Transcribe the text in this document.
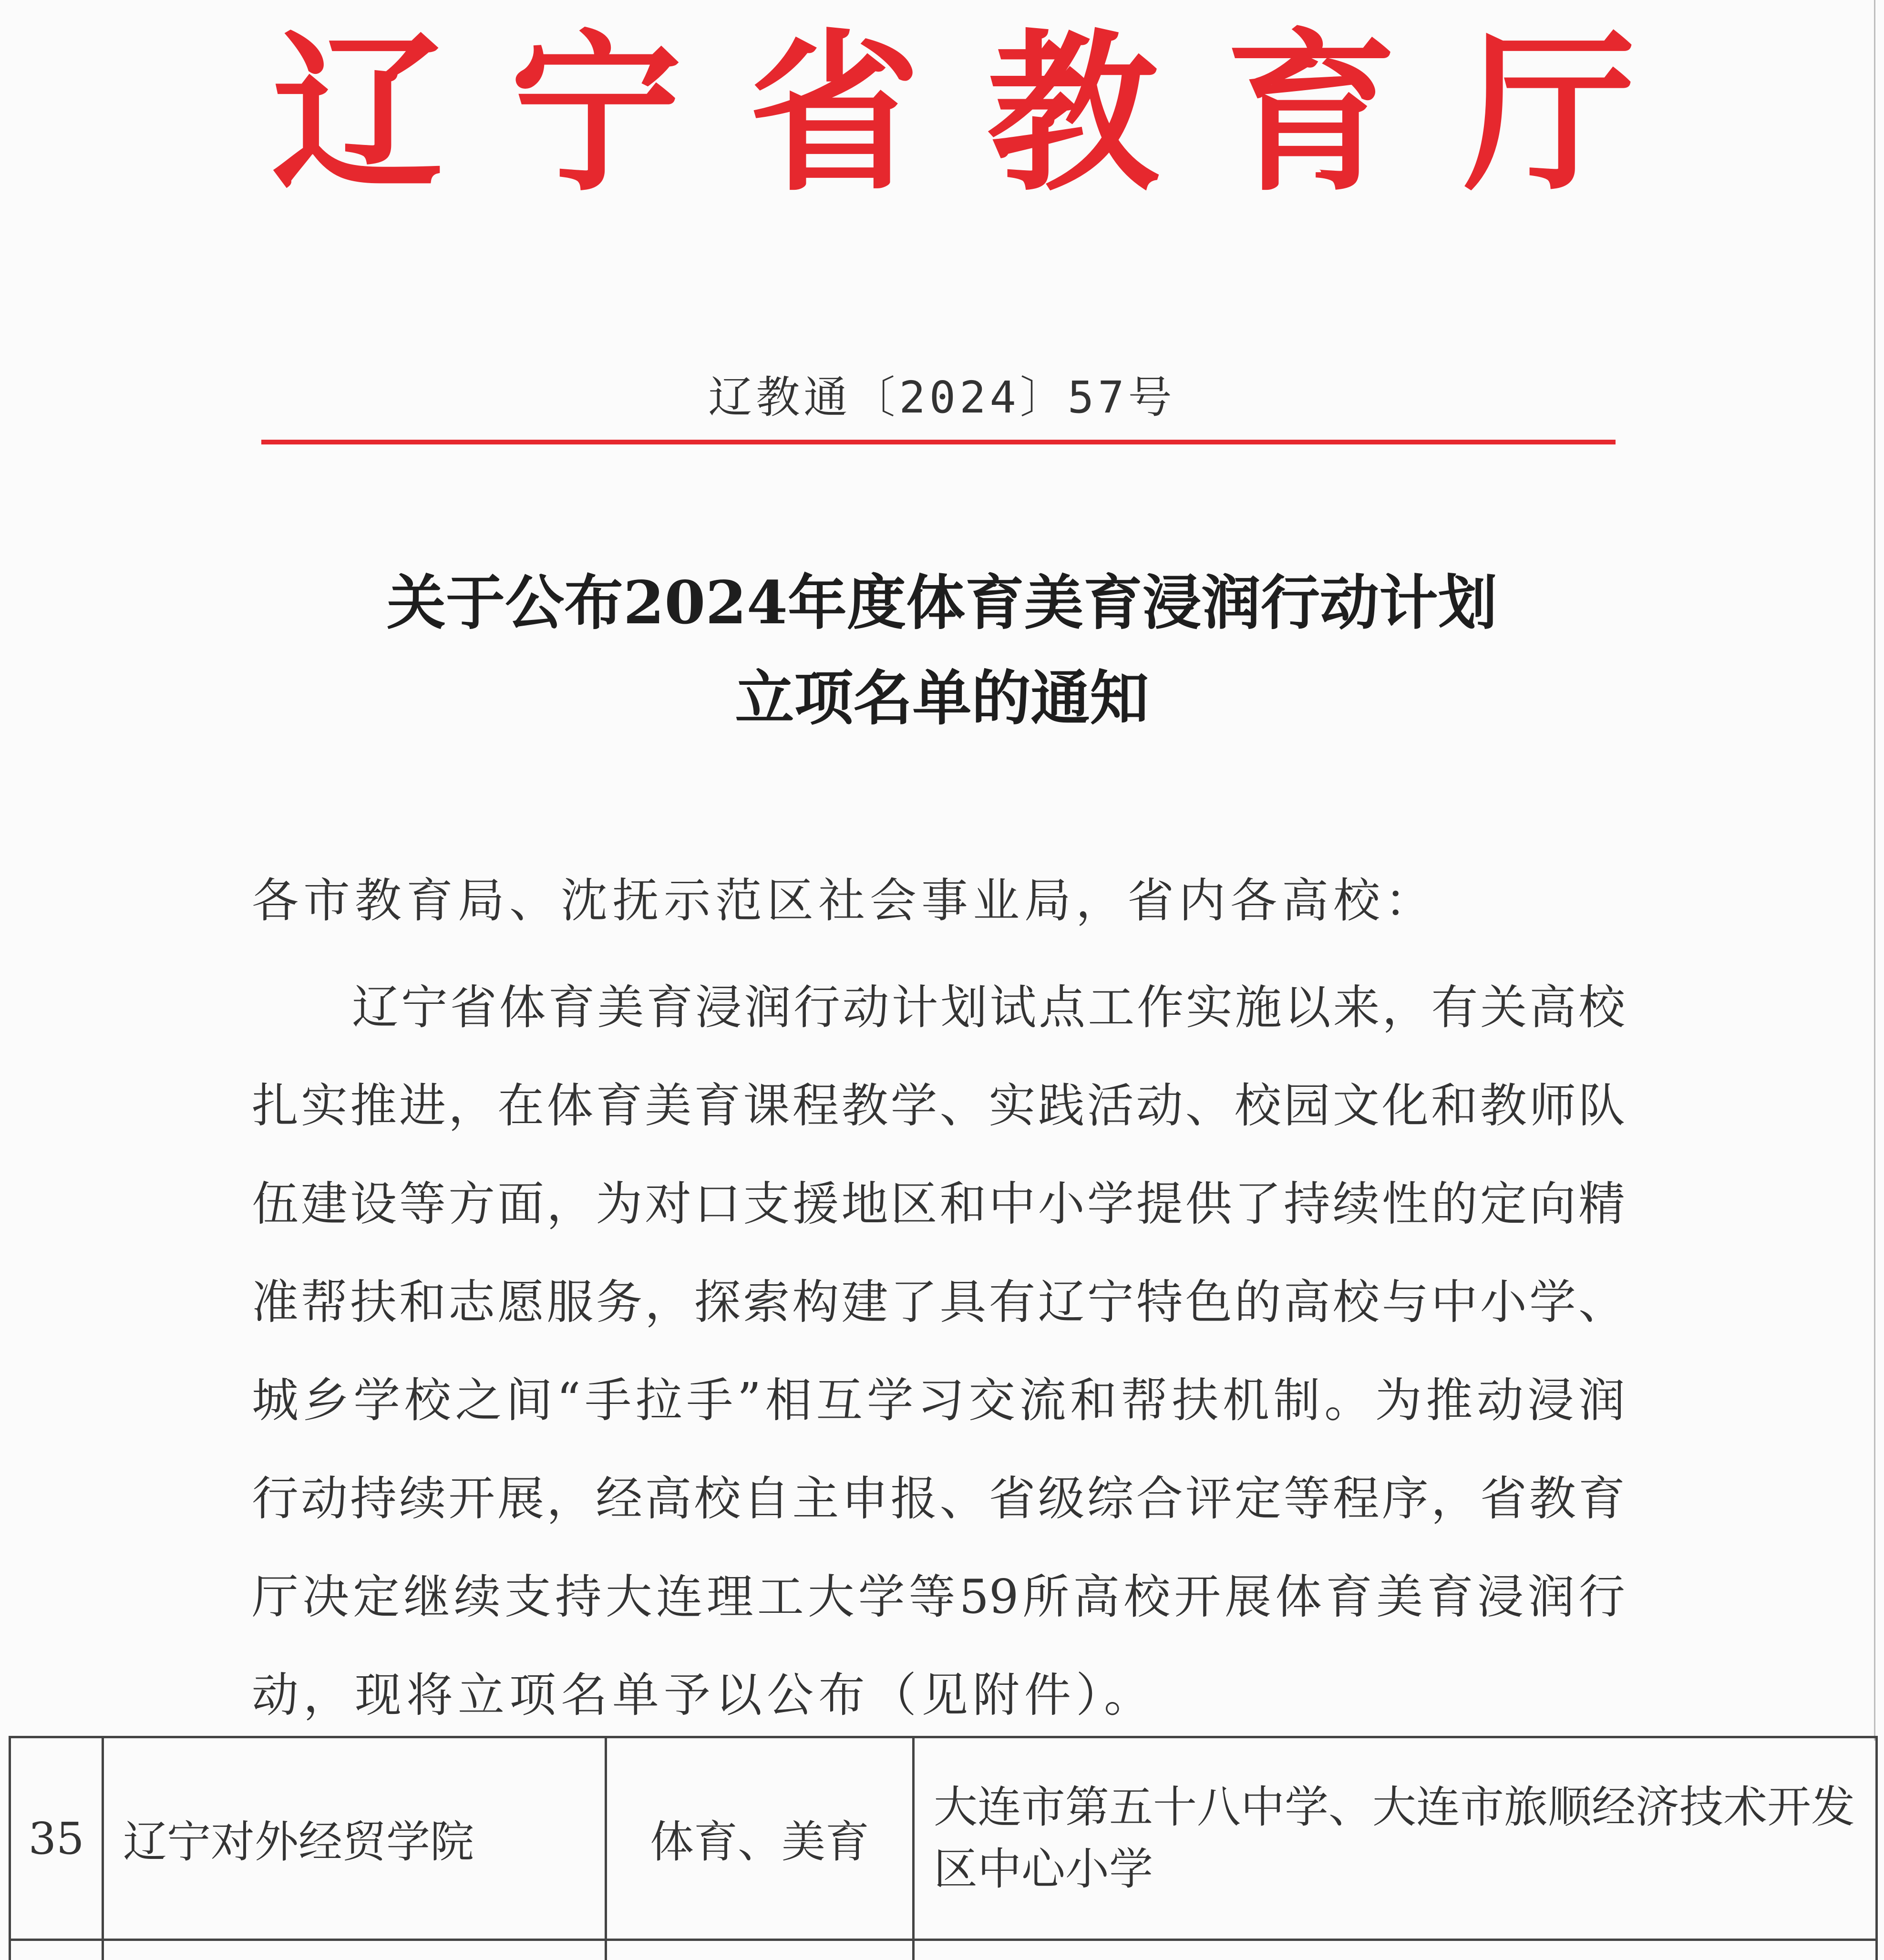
辽 宁 省 教 育 厅
辽教通〔2024〕57号
关于公布2024年度体育美育浸润行动计划
立项名单的通知
各市教育局、沈抚示范区社会事业局，省内各高校：
辽宁省体育美育浸润行动计划试点工作实施以来，有关高校
扎实推进，在体育美育课程教学、实践活动、校园文化和教师队
伍建设等方面，为对口支援地区和中小学提供了持续性的定向精
准帮扶和志愿服务，探索构建了具有辽宁特色的高校与中小学、
城乡学校之间“手拉手”相互学习交流和帮扶机制。为推动浸润
行动持续开展，经高校自主申报、省级综合评定等程序，省教育
厅决定继续支持大连理工大学等59所高校开展体育美育浸润行
动，现将立项名单予以公布（见附件）。
35	辽宁对外经贸学院	体育、美育	大连市第五十八中学、大连市旅顺经济技术开发区中心小学
